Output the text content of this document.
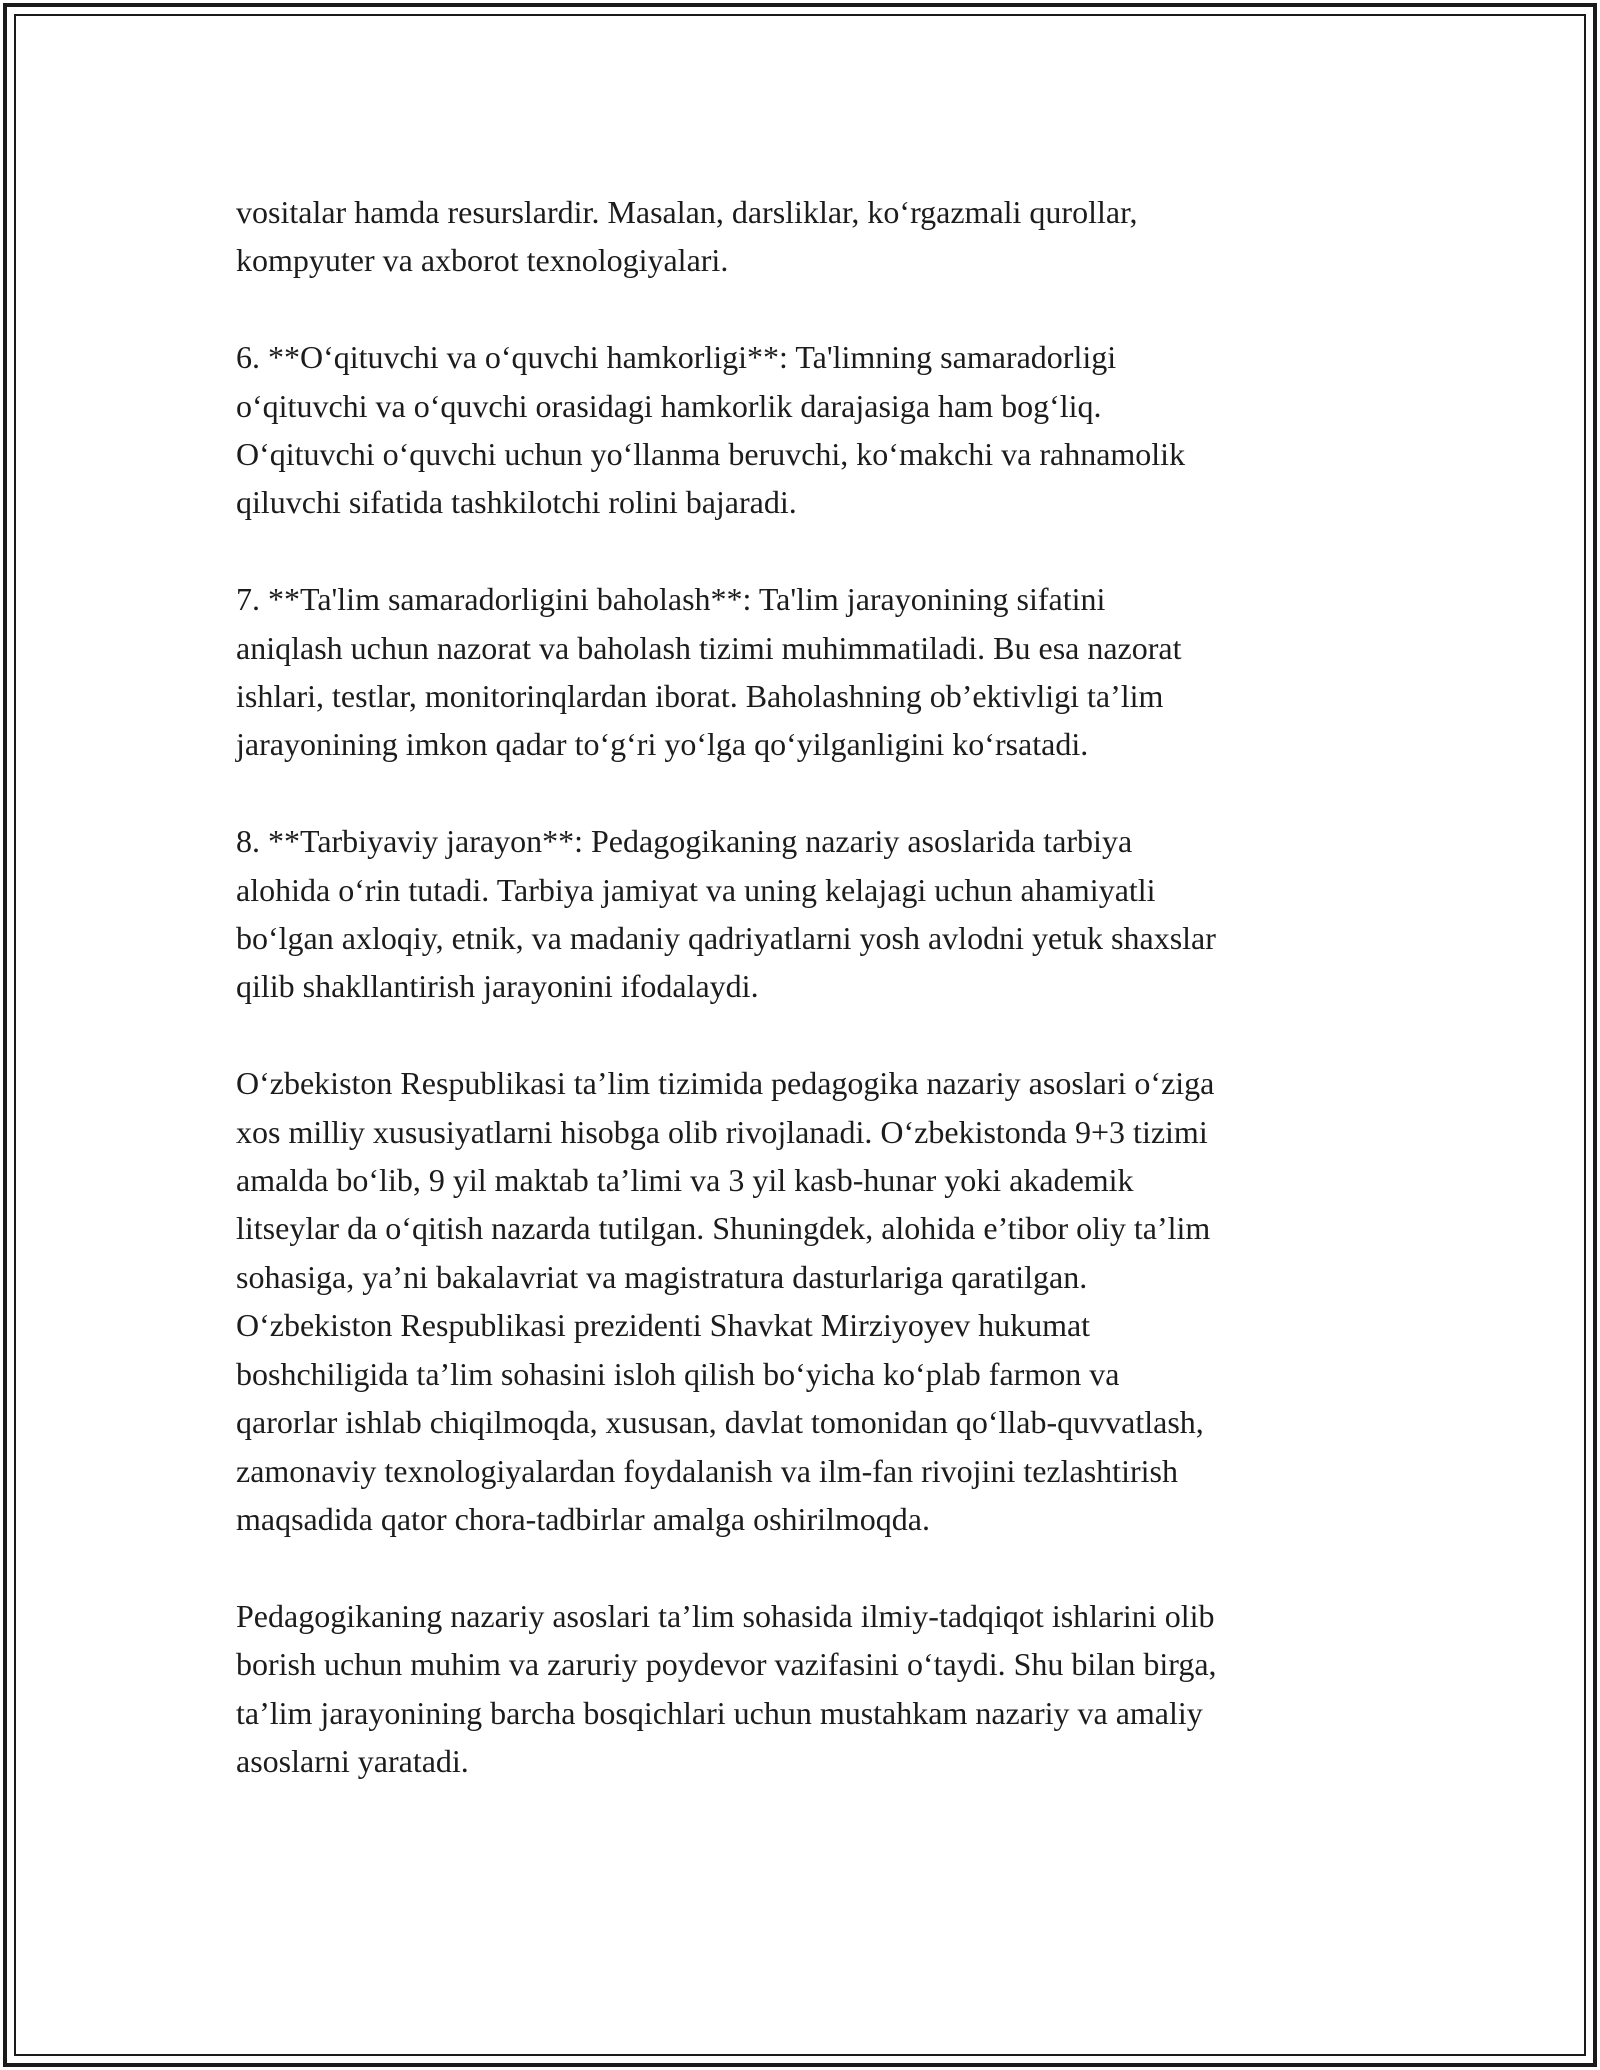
vositalar hamda resurslardir. Masalan, darsliklar, koʻrgazmali qurollar,
kompyuter va axborot texnologiyalari.

6. **Oʻqituvchi va oʻquvchi hamkorligi**: Ta'limning samaradorligi
oʻqituvchi va oʻquvchi orasidagi hamkorlik darajasiga ham bogʻliq.
Oʻqituvchi oʻquvchi uchun yoʻllanma beruvchi, koʻmakchi va rahnamolik
qiluvchi sifatida tashkilotchi rolini bajaradi.

7. **Ta'lim samaradorligini baholash**: Ta'lim jarayonining sifatini
aniqlash uchun nazorat va baholash tizimi muhimmatiladi. Bu esa nazorat
ishlari, testlar, monitorinqlardan iborat. Baholashning ob’ektivligi ta’lim
jarayonining imkon qadar toʻgʻri yoʻlga qoʻyilganligini koʻrsatadi.

8. **Tarbiyaviy jarayon**: Pedagogikaning nazariy asoslarida tarbiya
alohida oʻrin tutadi. Tarbiya jamiyat va uning kelajagi uchun ahamiyatli
boʻlgan axloqiy, etnik, va madaniy qadriyatlarni yosh avlodni yetuk shaxslar
qilib shakllantirish jarayonini ifodalaydi.

Oʻzbekiston Respublikasi ta’lim tizimida pedagogika nazariy asoslari oʻziga
xos milliy xususiyatlarni hisobga olib rivojlanadi. Oʻzbekistonda 9+3 tizimi
amalda boʻlib, 9 yil maktab ta’limi va 3 yil kasb-hunar yoki akademik
litseylar da oʻqitish nazarda tutilgan. Shuningdek, alohida e’tibor oliy ta’lim
sohasiga, ya’ni bakalavriat va magistratura dasturlariga qaratilgan.
Oʻzbekiston Respublikasi prezidenti Shavkat Mirziyoyev hukumat
boshchiligida ta’lim sohasini isloh qilish boʻyicha koʻplab farmon va
qarorlar ishlab chiqilmoqda, xususan, davlat tomonidan qoʻllab-quvvatlash,
zamonaviy texnologiyalardan foydalanish va ilm-fan rivojini tezlashtirish
maqsadida qator chora-tadbirlar amalga oshirilmoqda.

Pedagogikaning nazariy asoslari ta’lim sohasida ilmiy-tadqiqot ishlarini olib
borish uchun muhim va zaruriy poydevor vazifasini oʻtaydi. Shu bilan birga,
ta’lim jarayonining barcha bosqichlari uchun mustahkam nazariy va amaliy
asoslarni yaratadi.
